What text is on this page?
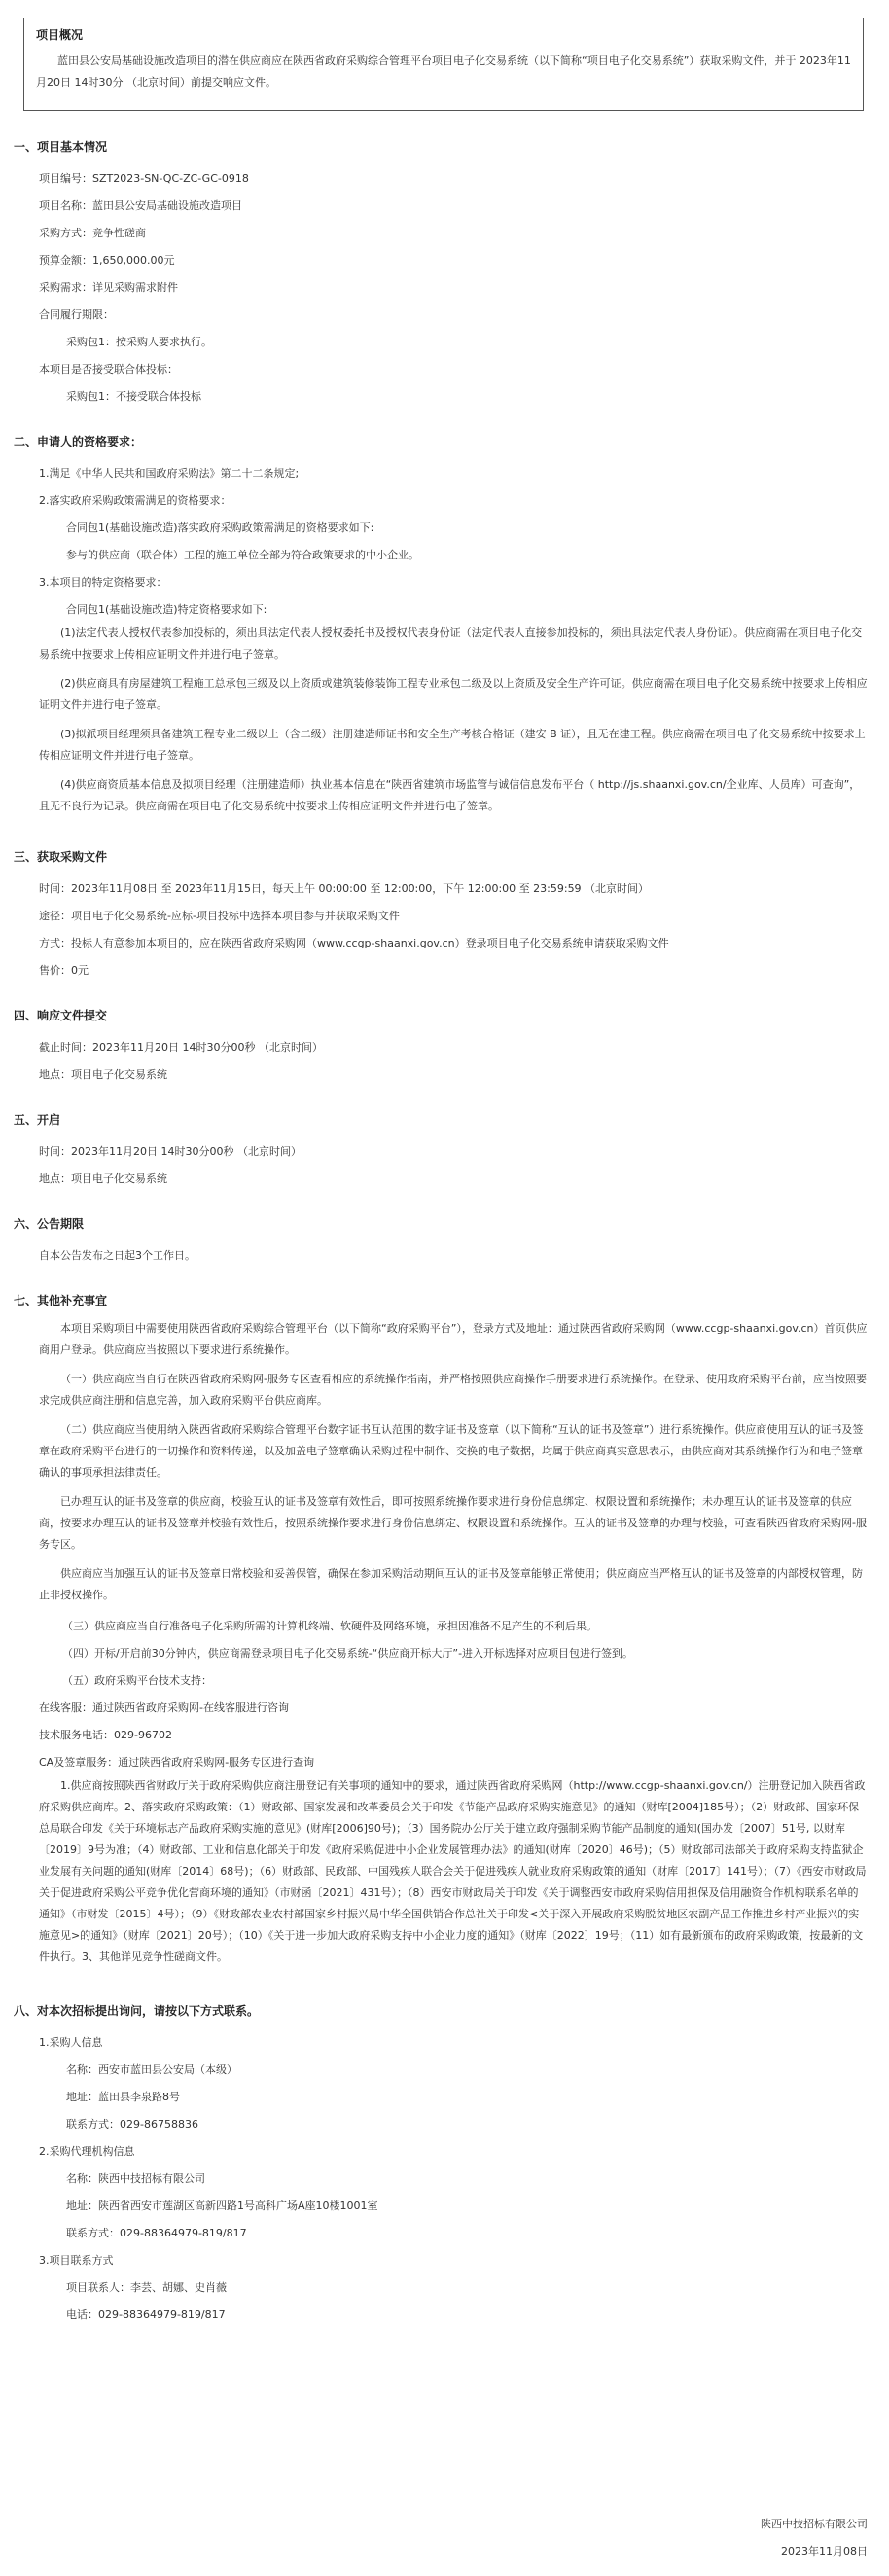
项目概况
蓝田县公安局基础设施改造项目的潜在供应商应在陕西省政府采购综合管理平台项目电子化交易系统（以下简称“项目电子化交易系统”）获取采购文件，并于 2023年11月20日 14时30分 （北京时间）前提交响应文件。
一、项目基本情况
项目编号：SZT2023-SN-QC-ZC-GC-0918
项目名称：蓝田县公安局基础设施改造项目
采购方式：竞争性磋商
预算金额：1,650,000.00元
采购需求：详见采购需求附件
合同履行期限：
采购包1：按采购人要求执行。
本项目是否接受联合体投标：
采购包1：不接受联合体投标
二、申请人的资格要求：
1.满足《中华人民共和国政府采购法》第二十二条规定;
2.落实政府采购政策需满足的资格要求：
合同包1(基础设施改造)落实政府采购政策需满足的资格要求如下:
参与的供应商（联合体）工程的施工单位全部为符合政策要求的中小企业。
3.本项目的特定资格要求：
合同包1(基础设施改造)特定资格要求如下:
(1)法定代表人授权代表参加投标的，须出具法定代表人授权委托书及授权代表身份证（法定代表人直接参加投标的，须出具法定代表人身份证）。供应商需在项目电子化交易系统中按要求上传相应证明文件并进行电子签章。
(2)供应商具有房屋建筑工程施工总承包三级及以上资质或建筑装修装饰工程专业承包二级及以上资质及安全生产许可证。供应商需在项目电子化交易系统中按要求上传相应证明文件并进行电子签章。
(3)拟派项目经理须具备建筑工程专业二级以上（含二级）注册建造师证书和安全生产考核合格证（建安 B 证），且无在建工程。供应商需在项目电子化交易系统中按要求上传相应证明文件并进行电子签章。
(4)供应商资质基本信息及拟项目经理（注册建造师）执业基本信息在“陕西省建筑市场监管与诚信信息发布平台（ http://js.shaanxi.gov.cn/企业库、人员库）可查询”，且无不良行为记录。供应商需在项目电子化交易系统中按要求上传相应证明文件并进行电子签章。
三、获取采购文件
时间：2023年11月08日 至 2023年11月15日，每天上午 00:00:00 至 12:00:00，下午 12:00:00 至 23:59:59 （北京时间）
途径：项目电子化交易系统-应标-项目投标中选择本项目参与并获取采购文件
方式：投标人有意参加本项目的，应在陕西省政府采购网（www.ccgp-shaanxi.gov.cn）登录项目电子化交易系统申请获取采购文件
售价：0元
四、响应文件提交
截止时间：2023年11月20日 14时30分00秒 （北京时间）
地点：项目电子化交易系统
五、开启
时间：2023年11月20日 14时30分00秒 （北京时间）
地点：项目电子化交易系统
六、公告期限
自本公告发布之日起3个工作日。
七、其他补充事宜
本项目采购项目中需要使用陕西省政府采购综合管理平台（以下简称“政府采购平台”），登录方式及地址：通过陕西省政府采购网（www.ccgp-shaanxi.gov.cn）首页供应商用户登录。供应商应当按照以下要求进行系统操作。
（一）供应商应当自行在陕西省政府采购网-服务专区查看相应的系统操作指南，并严格按照供应商操作手册要求进行系统操作。在登录、使用政府采购平台前，应当按照要求完成供应商注册和信息完善，加入政府采购平台供应商库。
（二）供应商应当使用纳入陕西省政府采购综合管理平台数字证书互认范围的数字证书及签章（以下简称“互认的证书及签章”）进行系统操作。供应商使用互认的证书及签章在政府采购平台进行的一切操作和资料传递，以及加盖电子签章确认采购过程中制作、交换的电子数据，均属于供应商真实意思表示，由供应商对其系统操作行为和电子签章确认的事项承担法律责任。
已办理互认的证书及签章的供应商，校验互认的证书及签章有效性后，即可按照系统操作要求进行身份信息绑定、权限设置和系统操作；未办理互认的证书及签章的供应商，按要求办理互认的证书及签章并校验有效性后，按照系统操作要求进行身份信息绑定、权限设置和系统操作。互认的证书及签章的办理与校验，可查看陕西省政府采购网-服务专区。
供应商应当加强互认的证书及签章日常校验和妥善保管，确保在参加采购活动期间互认的证书及签章能够正常使用；供应商应当严格互认的证书及签章的内部授权管理，防止非授权操作。
（三）供应商应当自行准备电子化采购所需的计算机终端、软硬件及网络环境，承担因准备不足产生的不利后果。
（四）开标/开启前30分钟内，供应商需登录项目电子化交易系统-“供应商开标大厅”-进入开标选择对应项目包进行签到。
（五）政府采购平台技术支持：
在线客服：通过陕西省政府采购网-在线客服进行咨询
技术服务电话：029-96702
CA及签章服务：通过陕西省政府采购网-服务专区进行查询
1.供应商按照陕西省财政厅关于政府采购供应商注册登记有关事项的通知中的要求，通过陕西省政府采购网（http://www.ccgp-shaanxi.gov.cn/）注册登记加入陕西省政府采购供应商库。2、落实政府采购政策：（1）财政部、国家发展和改革委员会关于印发《节能产品政府采购实施意见》的通知（财库[2004]185号）；（2）财政部、国家环保总局联合印发《关于环境标志产品政府采购实施的意见》(财库[2006]90号)；（3）国务院办公厅关于建立政府强制采购节能产品制度的通知(国办发〔2007〕51号, 以财库〔2019〕9号为准；（4）财政部、工业和信息化部关于印发《政府采购促进中小企业发展管理办法》的通知(财库〔2020〕46号)；（5）财政部司法部关于政府采购支持监狱企业发展有关问题的通知(财库〔2014〕68号)；（6）财政部、民政部、中国残疾人联合会关于促进残疾人就业政府采购政策的通知（财库〔2017〕141号）；（7）《西安市财政局关于促进政府采购公平竞争优化营商环境的通知》（市财函〔2021〕431号）；（8）西安市财政局关于印发《关于调整西安市政府采购信用担保及信用融资合作机构联系名单的通知》（市财发〔2015〕4号）；（9）《财政部农业农村部国家乡村振兴局中华全国供销合作总社关于印发<关于深入开展政府采购脱贫地区农副产品工作推进乡村产业振兴的实施意见>的通知》（财库〔2021〕20号）；（10）《关于进一步加大政府采购支持中小企业力度的通知》（财库〔2022〕19号；（11）如有最新颁布的政府采购政策，按最新的文件执行。3、其他详见竞争性磋商文件。
八、对本次招标提出询问，请按以下方式联系。
1.采购人信息
名称：西安市蓝田县公安局（本级）
地址：蓝田县李泉路8号
联系方式：029-86758836
2.采购代理机构信息
名称：陕西中技招标有限公司
地址：陕西省西安市莲湖区高新四路1号高科广场A座10楼1001室
联系方式：029-88364979-819/817
3.项目联系方式
项目联系人：李芸、胡娜、史肖薇
电话：029-88364979-819/817
陕西中技招标有限公司
2023年11月08日
